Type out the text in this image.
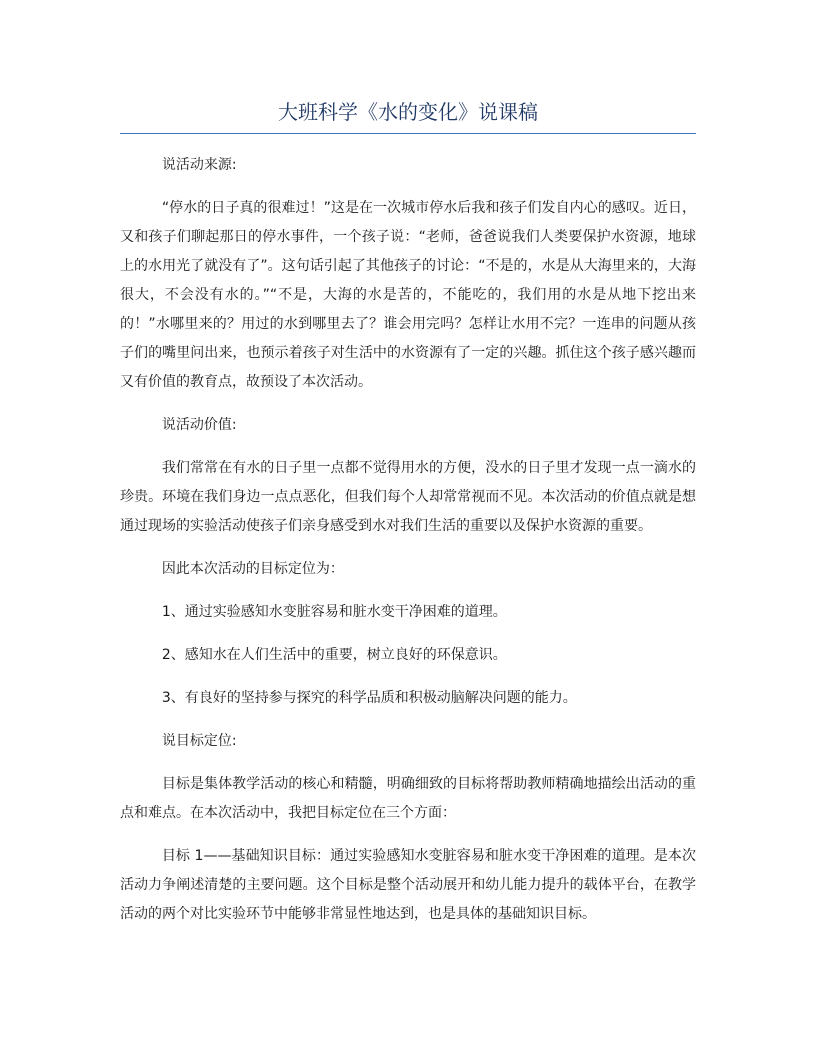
大班科学《水的变化》说课稿

说活动来源:

“停水的日子真的很难过！”这是在一次城市停水后我和孩子们发自内心的感叹。近日，又和孩子们聊起那日的停水事件，一个孩子说：“老师，爸爸说我们人类要保护水资源，地球上的水用光了就没有了”。这句话引起了其他孩子的讨论：“不是的，水是从大海里来的，大海很大，不会没有水的。”“不是，大海的水是苦的，不能吃的，我们用的水是从地下挖出来的！”水哪里来的？用过的水到哪里去了？谁会用完吗？怎样让水用不完？一连串的问题从孩子们的嘴里问出来，也预示着孩子对生活中的水资源有了一定的兴趣。抓住这个孩子感兴趣而又有价值的教育点，故预设了本次活动。

说活动价值:

我们常常在有水的日子里一点都不觉得用水的方便，没水的日子里才发现一点一滴水的珍贵。环境在我们身边一点点恶化，但我们每个人却常常视而不见。本次活动的价值点就是想通过现场的实验活动使孩子们亲身感受到水对我们生活的重要以及保护水资源的重要。

因此本次活动的目标定位为：

1、通过实验感知水变脏容易和脏水变干净困难的道理。

2、感知水在人们生活中的重要，树立良好的环保意识。

3、有良好的坚持参与探究的科学品质和积极动脑解决问题的能力。

说目标定位:

目标是集体教学活动的核心和精髓，明确细致的目标将帮助教师精确地描绘出活动的重点和难点。在本次活动中，我把目标定位在三个方面：

目标 1——基础知识目标：通过实验感知水变脏容易和脏水变干净困难的道理。是本次活动力争阐述清楚的主要问题。这个目标是整个活动展开和幼儿能力提升的载体平台，在教学活动的两个对比实验环节中能够非常显性地达到，也是具体的基础知识目标。
